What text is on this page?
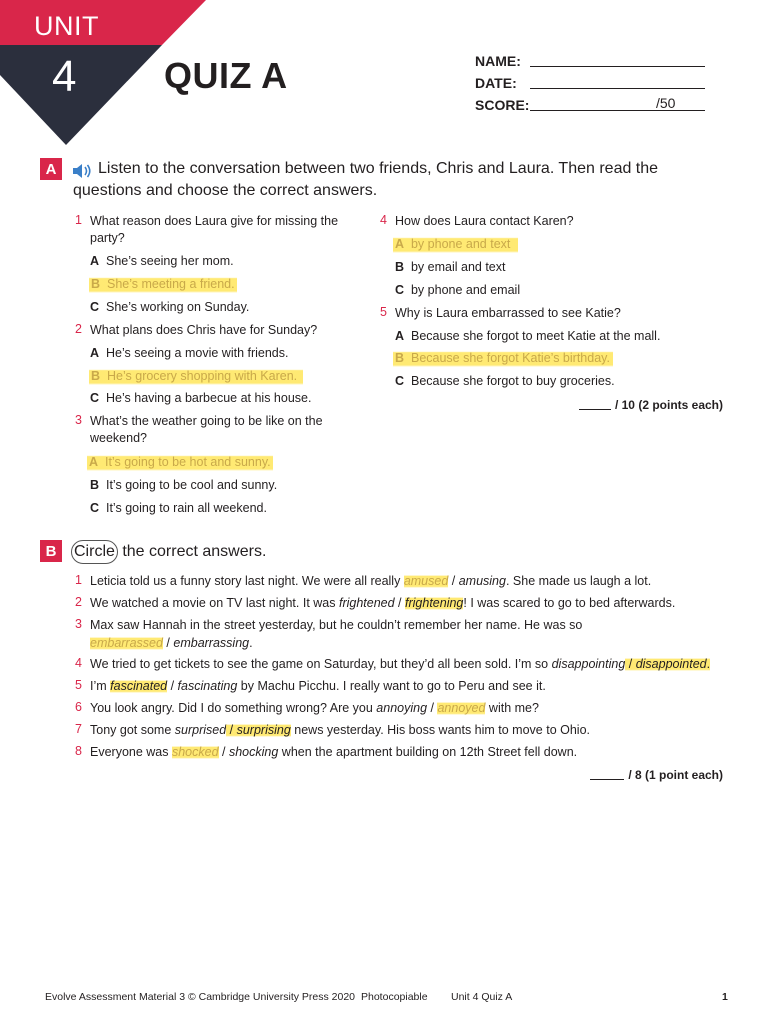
UNIT
4 QUIZ A	NAME:
DATE:
SCORE:	/50
A	Listen to the conversation between two friends, Chris and Laura. Then read the questions and choose the correct answers.
1 What reason does Laura give for missing the party?
A She’s seeing her mom.
B She’s meeting a friend.
C She’s working on Sunday.
2 What plans does Chris have for Sunday?
A He’s seeing a movie with friends.
B He’s grocery shopping with Karen.
C He’s having a barbecue at his house.
3 What’s the weather going to be like on the weekend?
A It’s going to be hot and sunny.
B It’s going to be cool and sunny.
C It’s going to rain all weekend.
4 How does Laura contact Karen?
A by phone and text
B by email and text
C by phone and email
5 Why is Laura embarrassed to see Katie?
A Because she forgot to meet Katie at the mall.
B Because she forgot Katie’s birthday.
C Because she forgot to buy groceries.
/ 10 (2 points each)
B	Circle the correct answers.
1 Leticia told us a funny story last night. We were all really amused / amusing. She made us laugh a lot.
2 We watched a movie on TV last night. It was frightened / frightening! I was scared to go to bed afterwards.
3 Max saw Hannah in the street yesterday, but he couldn’t remember her name. He was so
embarrassed / embarrassing.
4 We tried to get tickets to see the game on Saturday, but they’d all been sold. I’m so disappointing / disappointed.
5 I’m fascinated / fascinating by Machu Picchu. I really want to go to Peru and see it.
6 You look angry. Did I do something wrong? Are you annoying / annoyed with me?
7 Tony got some surprised / surprising news yesterday. His boss wants him to move to Ohio.
8 Everyone was shocked / shocking when the apartment building on 12th Street fell down.
/ 8 (1 point each)
Evolve Assessment Material 3 © Cambridge University Press 2020 Photocopiable Unit 4 Quiz A	1
